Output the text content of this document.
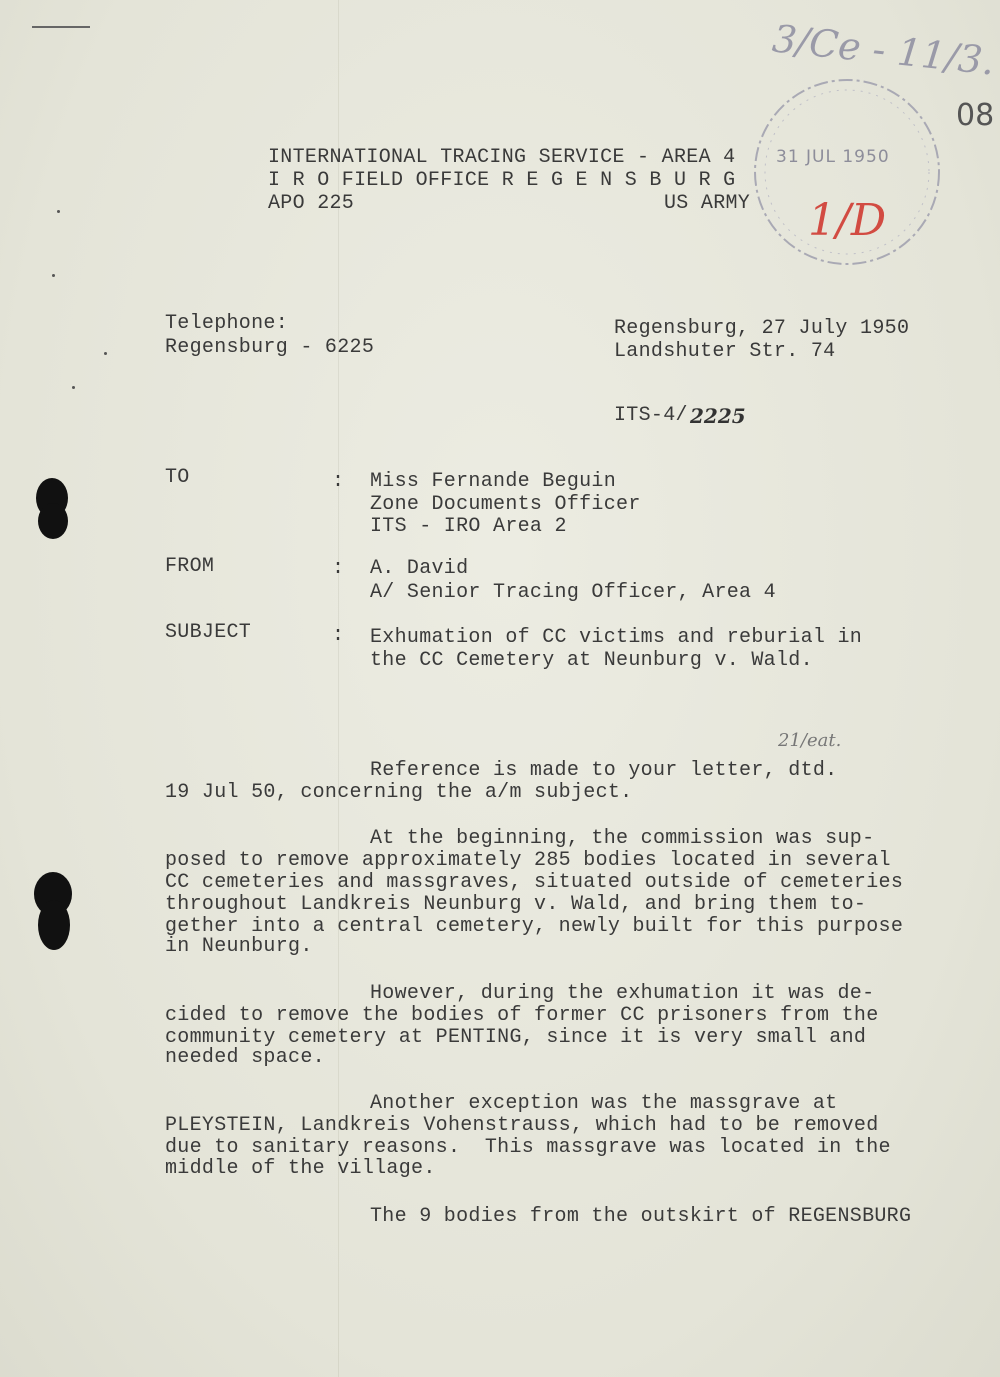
3/Ce - 11/3.
08
31 JUL 1950
1/D
INTERNATIONAL TRACING SERVICE - AREA 4
I R O FIELD OFFICE R E G E N S B U R G
APO 225	US ARMY
Telephone:
Regensburg - 6225
Regensburg, 27 July 1950
Landshuter Str. 74
ITS-4/ 2225
TO	: Miss Fernande Beguin
Zone Documents Officer
ITS - IRO Area 2
FROM	: A. David
A/ Senior Tracing Officer, Area 4
SUBJECT	: Exhumation of CC victims and reburial in
the CC Cemetery at Neunburg v. Wald.
21/eat.
Reference is made to your letter, dtd.
19 Jul 50, concerning the a/m subject.
At the beginning, the commission was sup-
posed to remove approximately 285 bodies located in several
CC cemeteries and massgraves, situated outside of cemeteries
throughout Landkreis Neunburg v. Wald, and bring them to-
gether into a central cemetery, newly built for this purpose
in Neunburg.
However, during the exhumation it was de-
cided to remove the bodies of former CC prisoners from the
community cemetery at PENTING, since it is very small and
needed space.
Another exception was the massgrave at
PLEYSTEIN, Landkreis Vohenstrauss, which had to be removed
due to sanitary reasons.  This massgrave was located in the
middle of the village.
The 9 bodies from the outskirt of REGENSBURG
